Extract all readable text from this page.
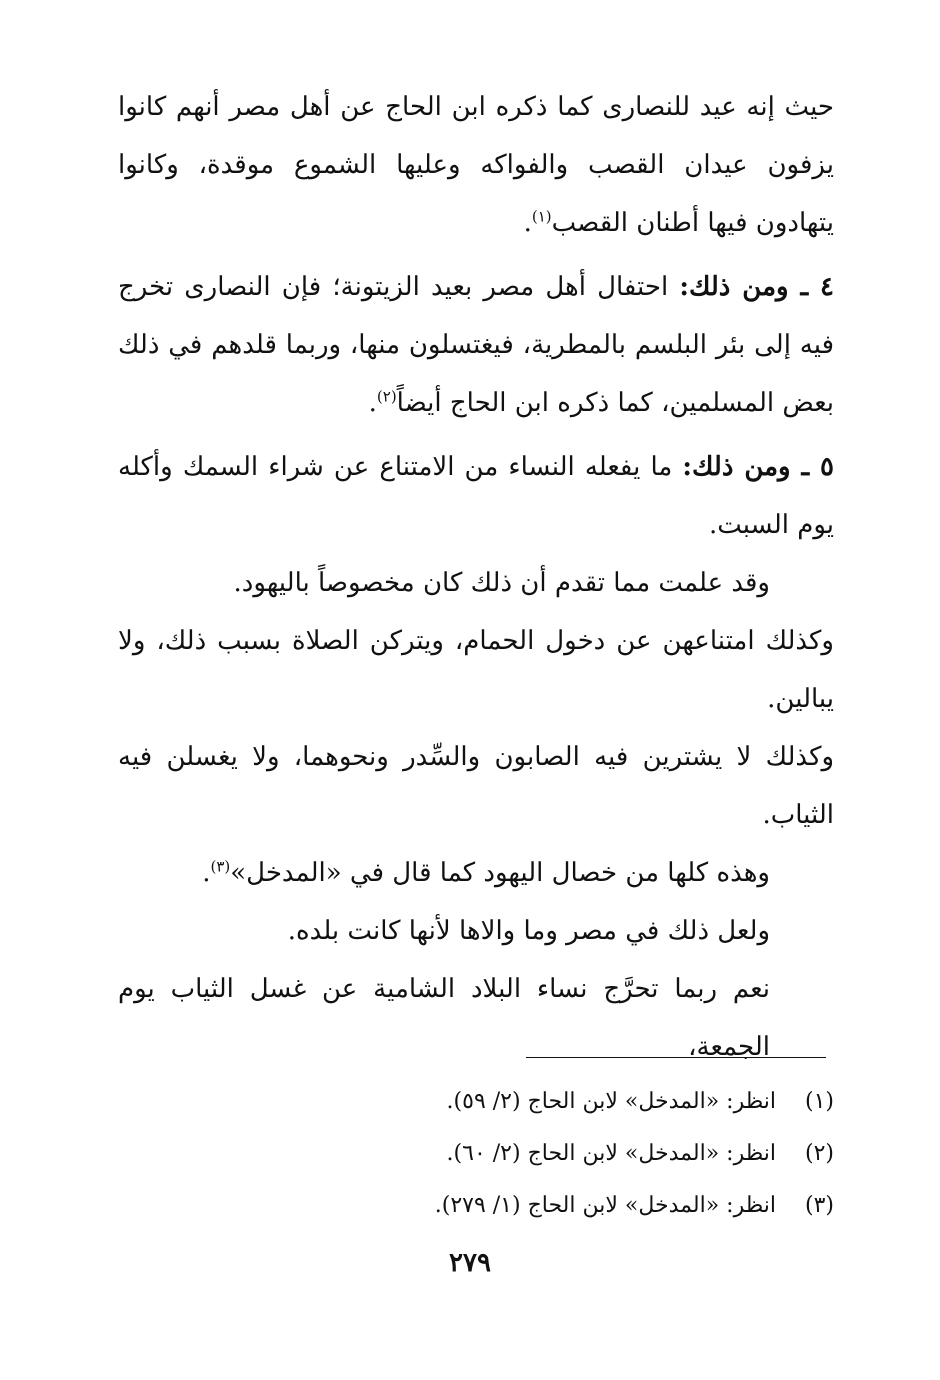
حيث إنه عيد للنصارى كما ذكره ابن الحاج عن أهل مصر أنهم كانوا يزفون عيدان القصب والفواكه وعليها الشموع موقدة، وكانوا يتهادون فيها أطنان القصب$^{(١)}$.

٤ ـ ومن ذلك: احتفال أهل مصر بعيد الزيتونة؛ فإن النصارى تخرج فيه إلى بئر البلسم بالمطرية، فيغتسلون منها، وربما قلدهم في ذلك بعض المسلمين، كما ذكره ابن الحاج أيضاً$^{(٢)}$.

٥ ـ ومن ذلك: ما يفعله النساء من الامتناع عن شراء السمك وأكله يوم السبت.

وقد علمت مما تقدم أن ذلك كان مخصوصاً باليهود.

وكذلك امتناعهن عن دخول الحمام، ويتركن الصلاة بسبب ذلك، ولا يبالين.

وكذلك لا يشترين فيه الصابون والسِّدر ونحوهما، ولا يغسلن فيه الثياب.

وهذه كلها من خصال اليهود كما قال في «المدخل»$^{(٣)}$.

ولعل ذلك في مصر وما والاها لأنها كانت بلده.

نعم ربما تحرَّج نساء البلاد الشامية عن غسل الثياب يوم الجمعة،

(١)
انظر: «المدخل» لابن الحاج (٢/ ٥٩).

(٢)
انظر: «المدخل» لابن الحاج (٢/ ٦٠).

(٣)
انظر: «المدخل» لابن الحاج (١/ ٢٧٩).

٢٧٩
